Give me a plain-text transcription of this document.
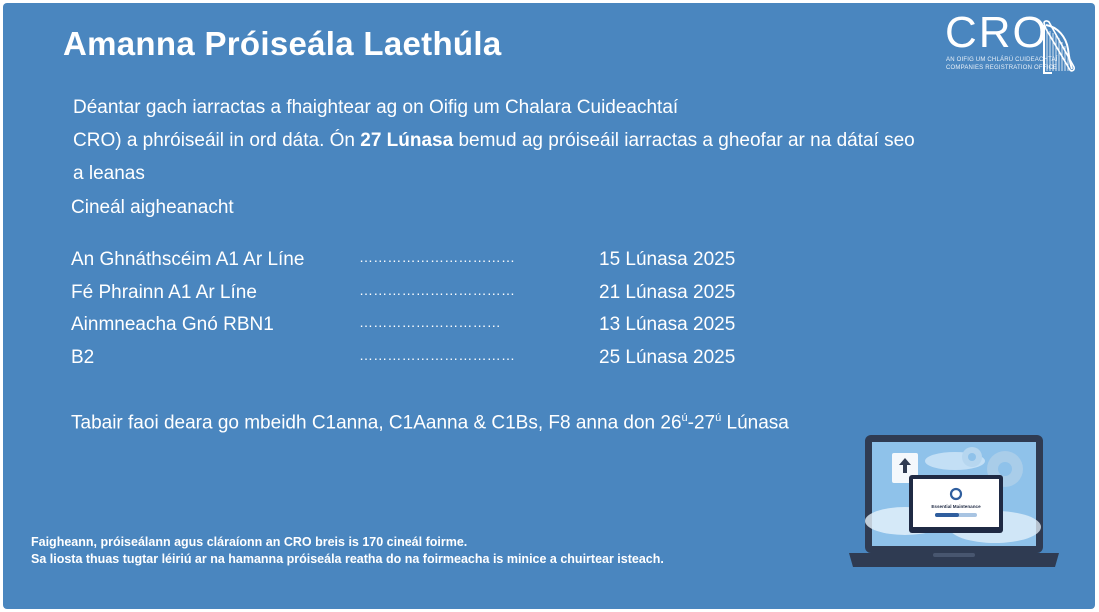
Amanna Próiseála Laethúla	CRO
AN OIFIG UM CHLÁRÚ CUIDEACHTAÍ
COMPANIES REGISTRATION OFFICE

Déantar gach iarractas a fhaightear ag on Oifig um Chalara Cuideachtaí

CRO) a phróiseáil in ord dáta. Ón 27 Lúnasa bemud ag próiseáil iarractas a gheofar ar na dátaí seo

a leanas

Cineál aigheanacht
An Ghnáthscéim A1 Ar Líne	……………………………	15 Lúnasa 2025
Fé Phrainn A1 Ar Líne	……………………………	21 Lúnasa 2025
Ainmneacha Gnó RBN1	…………………………	13 Lúnasa 2025
B2	……………………………	25 Lúnasa 2025
Tabair faoi deara go mbeidh C1anna, C1Aanna & C1Bs, F8 anna don $26^ú-27^ú$ Lúnasa

Faigheann, próiseálann agus cláraíonn an CRO breis is 170 cineál foirme.

Sa liosta thuas tugtar léiriú ar na hamanna próiseála reatha do na foirmeacha is minice a chuirtear isteach.

Essential Maintenance
